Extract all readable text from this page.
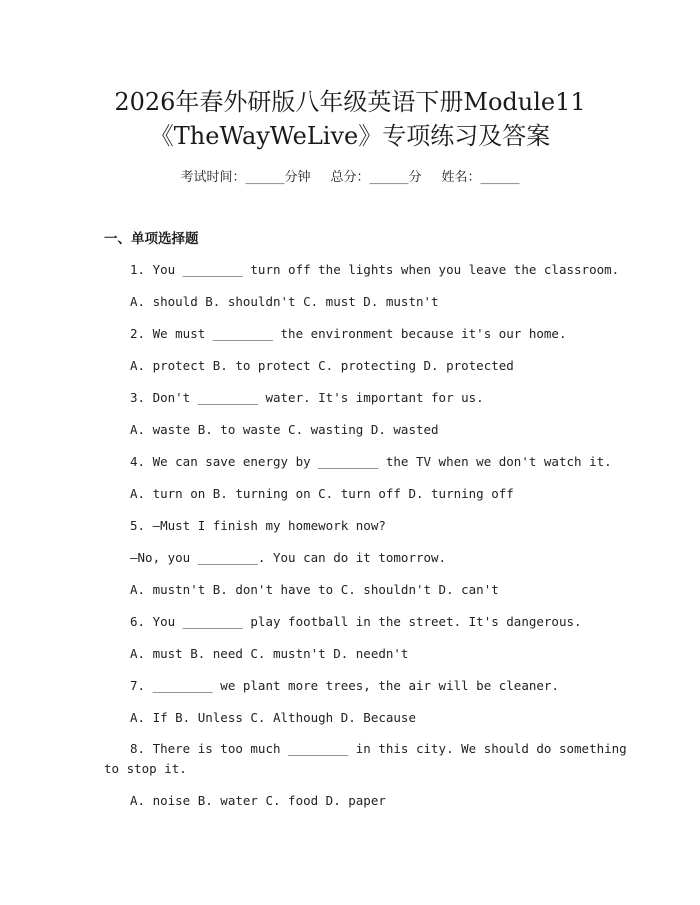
2026年春外研版八年级英语下册Module11
《TheWayWeLive》专项练习及答案
考试时间：______分钟 总分：______分 姓名：______
一、单项选择题
1. You ________ turn off the lights when you leave the classroom.
A. should B. shouldn't C. must D. mustn't
2. We must ________ the environment because it's our home.
A. protect B. to protect C. protecting D. protected
3. Don't ________ water. It's important for us.
A. waste B. to waste C. wasting D. wasted
4. We can save energy by ________ the TV when we don't watch it.
A. turn on B. turning on C. turn off D. turning off
5. —Must I finish my homework now?
—No, you ________. You can do it tomorrow.
A. mustn't B. don't have to C. shouldn't D. can't
6. You ________ play football in the street. It's dangerous.
A. must B. need C. mustn't D. needn't
7. ________ we plant more trees, the air will be cleaner.
A. If B. Unless C. Although D. Because
8. There is too much ________ in this city. We should do something
to stop it.
A. noise B. water C. food D. paper
